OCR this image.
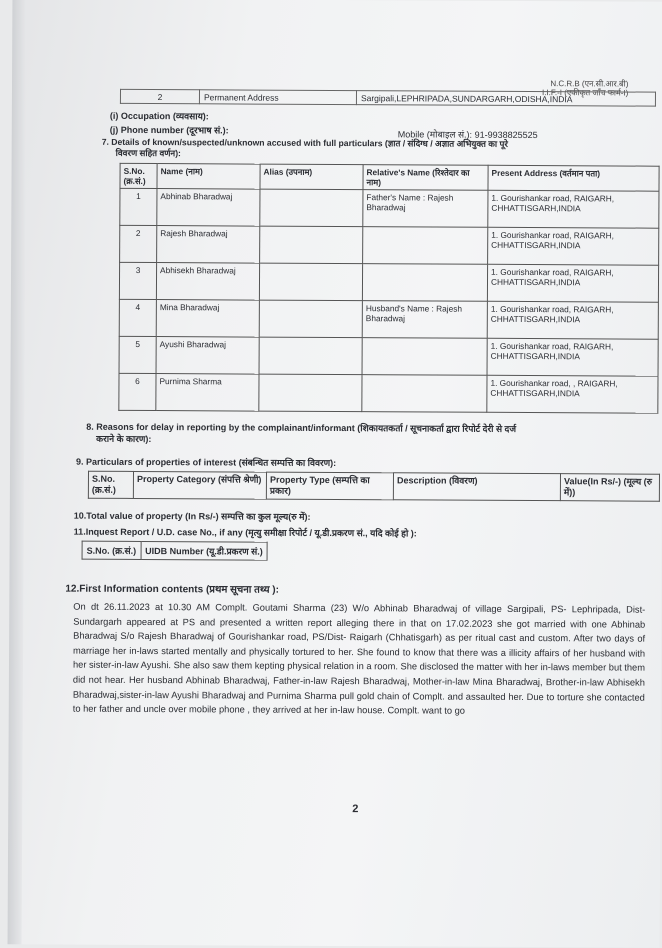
N.C.R.B (एन.सी.आर.बी)
I.I.F.-I (एकीकृत जाँच फार्म-I)
2	Permanent Address	Sargipali,LEPHRIPADA,SUNDARGARH,ODISHA,INDIA
(i) Occupation (व्यवसाय):
(j) Phone number (दूरभाष सं.):	Mobile (मोबाइल सं.): 91-9938825525
7. Details of known/suspected/unknown accused with full particulars (ज्ञात / संदिग्ध / अज्ञात अभियुक्त का पूरे
विवरण सहित वर्णन):
S.No. (क्र.सं.)	Name (नाम)	Alias (उपनाम)	Relative's Name (रिश्तेदार का नाम)	Present Address (वर्तमान पता)
1	Abhinab Bharadwaj		Father's Name : Rajesh Bharadwaj	1. Gourishankar road, RAIGARH, CHHATTISGARH,INDIA
2	Rajesh Bharadwaj			1. Gourishankar road, RAIGARH, CHHATTISGARH,INDIA
3	Abhisekh Bharadwaj			1. Gourishankar road, RAIGARH, CHHATTISGARH,INDIA
4	Mina Bharadwaj		Husband's Name : Rajesh Bharadwaj	1. Gourishankar road, RAIGARH, CHHATTISGARH,INDIA
5	Ayushi Bharadwaj			1. Gourishankar road, RAIGARH, CHHATTISGARH,INDIA
6	Purnima Sharma			1. Gourishankar road, , RAIGARH, CHHATTISGARH,INDIA
8. Reasons for delay in reporting by the complainant/informant (शिकायतकर्ता / सूचनाकर्ता द्वारा रिपोर्ट देरी से दर्ज
कराने के कारण):
9. Particulars of properties of interest (संबन्धित सम्पत्ति का विवरण):
S.No. (क्र.सं.)	Property Category (संपत्ति श्रेणी)	Property Type (सम्पत्ति का प्रकार)	Description (विवरण)	Value(In Rs/-) (मूल्य (रु में))
10.Total value of property (In Rs/-) सम्पत्ति का कुल मूल्य(रु में):
11.Inquest Report / U.D. case No., if any (मृत्यु समीक्षा रिपोर्ट / यू.डी.प्रकरण सं., यदि कोई हो ):
S.No. (क्र.सं.)	UIDB Number (यू.डी.प्रकरण सं.)
12.First Information contents (प्रथम सूचना तथ्य ):

On dt 26.11.2023 at 10.30 AM Complt. Goutami Sharma (23) W/o Abhinab Bharadwaj of village Sargipali, PS- Lephripada, Dist- Sundargarh appeared at PS and presented a written report alleging there in that on 17.02.2023 she got married with one Abhinab Bharadwaj S/o Rajesh Bharadwaj of Gourishankar road, PS/Dist- Raigarh (Chhatisgarh) as per ritual cast and custom. After two days of marriage her in-laws started mentally and physically tortured to her. She found to know that there was a illicity affairs of her husband with her sister-in-law Ayushi. She also saw them kepting physical relation in a room. She disclosed the matter with her in-laws member but them did not hear. Her husband Abhinab Bharadwaj, Father-in-law Rajesh Bharadwaj, Mother-in-law Mina Bharadwaj, Brother-in-law Abhisekh Bharadwaj,sister-in-law Ayushi Bharadwaj and Purnima Sharma pull gold chain of Complt. and assaulted her. Due to torture she contacted to her father and uncle over mobile phone , they arrived at her in-law house. Complt. want to go

2
